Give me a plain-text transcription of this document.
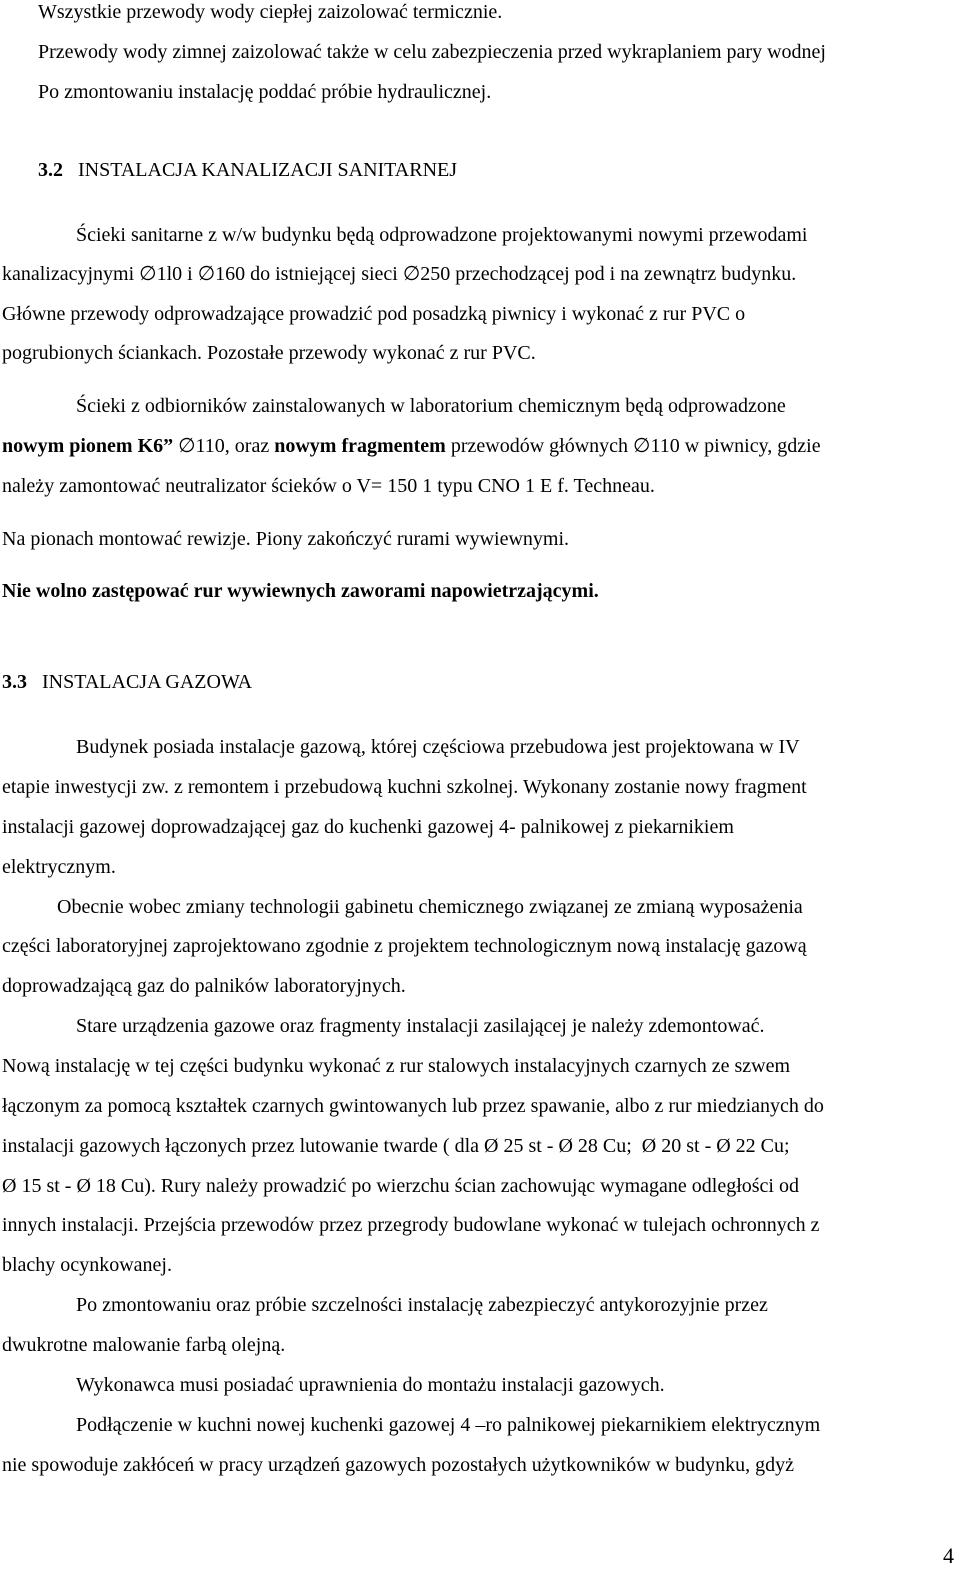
Wszystkie przewody wody ciepłej zaizolować termicznie.
Przewody wody zimnej zaizolować także w celu zabezpieczenia przed wykraplaniem pary wodnej
Po zmontowaniu instalację poddać próbie hydraulicznej.
3.2 INSTALACJA KANALIZACJI SANITARNEJ
Ścieki sanitarne z w/w budynku będą odprowadzone projektowanymi nowymi przewodami
kanalizacyjnymi ∅1l0 i ∅160 do istniejącej sieci ∅250 przechodzącej pod i na zewnątrz budynku.
Główne przewody odprowadzające prowadzić pod posadzką piwnicy i wykonać z rur PVC o
pogrubionych ściankach. Pozostałe przewody wykonać z rur PVC.
Ścieki z odbiorników zainstalowanych w laboratorium chemicznym będą odprowadzone
nowym pionem K6” ∅110, oraz nowym fragmentem przewodów głównych ∅110 w piwnicy, gdzie
należy zamontować neutralizator ścieków o V= 150 1 typu CNO 1 E f. Techneau.
Na pionach montować rewizje. Piony zakończyć rurami wywiewnymi.
Nie wolno zastępować rur wywiewnych zaworami napowietrzającymi.
3.3 INSTALACJA GAZOWA
Budynek posiada instalacje gazową, której częściowa przebudowa jest projektowana w IV
etapie inwestycji zw. z remontem i przebudową kuchni szkolnej. Wykonany zostanie nowy fragment
instalacji gazowej doprowadzającej gaz do kuchenki gazowej 4- palnikowej z piekarnikiem
elektrycznym.
Obecnie wobec zmiany technologii gabinetu chemicznego związanej ze zmianą wyposażenia
części laboratoryjnej zaprojektowano zgodnie z projektem technologicznym nową instalację gazową
doprowadzającą gaz do palników laboratoryjnych.
Stare urządzenia gazowe oraz fragmenty instalacji zasilającej je należy zdemontować.
Nową instalację w tej części budynku wykonać z rur stalowych instalacyjnych czarnych ze szwem
łączonym za pomocą kształtek czarnych gwintowanych lub przez spawanie, albo z rur miedzianych do
instalacji gazowych łączonych przez lutowanie twarde ( dla Ø 25 st - Ø 28 Cu;  Ø 20 st - Ø 22 Cu;
Ø 15 st - Ø 18 Cu). Rury należy prowadzić po wierzchu ścian zachowując wymagane odległości od
innych instalacji. Przejścia przewodów przez przegrody budowlane wykonać w tulejach ochronnych z
blachy ocynkowanej.
Po zmontowaniu oraz próbie szczelności instalację zabezpieczyć antykorozyjnie przez
dwukrotne malowanie farbą olejną.
Wykonawca musi posiadać uprawnienia do montażu instalacji gazowych.
Podłączenie w kuchni nowej kuchenki gazowej 4 –ro palnikowej piekarnikiem elektrycznym
nie spowoduje zakłóceń w pracy urządzeń gazowych pozostałych użytkowników w budynku, gdyż
4
